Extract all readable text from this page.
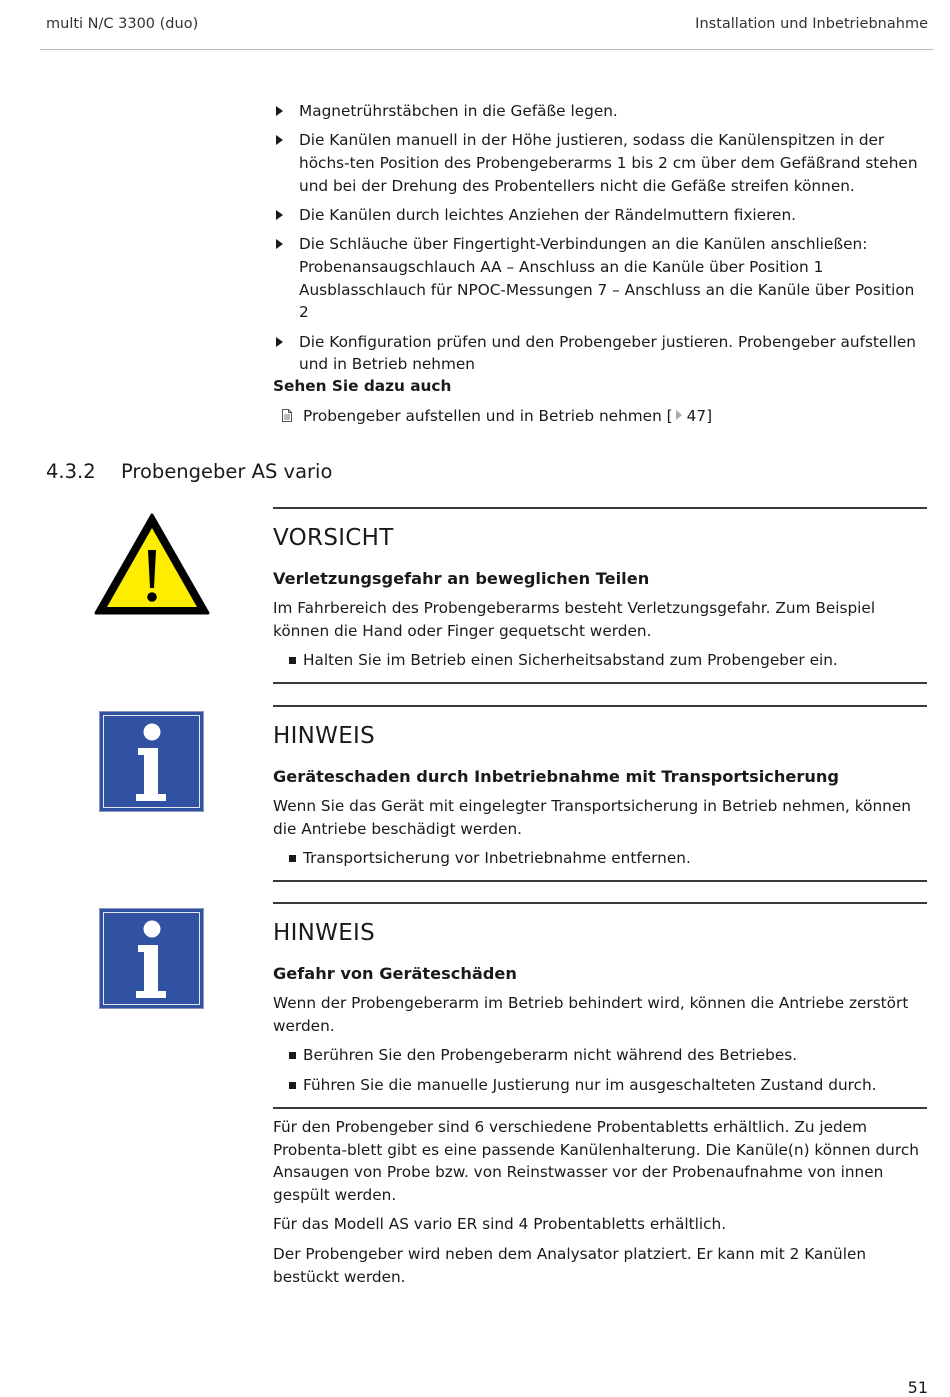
multi N/C 3300 (duo)	Installation und Inbetriebnahme
Magnetrührstäbchen in die Gefäße legen.
Die Kanülen manuell in der Höhe justieren, sodass die Kanülenspitzen in der höchs-ten Position des Probengeberarms 1 bis 2 cm über dem Gefäßrand stehen und bei der Drehung des Probentellers nicht die Gefäße streifen können.
Die Kanülen durch leichtes Anziehen der Rändelmuttern fixieren.
Die Schläuche über Fingertight-Verbindungen an die Kanülen anschließen: Probenansaugschlauch AA – Anschluss an die Kanüle über Position 1 Ausblasschlauch für NPOC-Messungen 7 – Anschluss an die Kanüle über Position 2
Die Konfiguration prüfen und den Probengeber justieren. Probengeber aufstellen und in Betrieb nehmen
Sehen Sie dazu auch
Probengeber aufstellen und in Betrieb nehmen [ 47]
4.3.2 Probengeber AS vario
VORSICHT
Verletzungsgefahr an beweglichen Teilen
Im Fahrbereich des Probengeberarms besteht Verletzungsgefahr. Zum Beispiel können die Hand oder Finger gequetscht werden.
Halten Sie im Betrieb einen Sicherheitsabstand zum Probengeber ein.
HINWEIS
Geräteschaden durch Inbetriebnahme mit Transportsicherung
Wenn Sie das Gerät mit eingelegter Transportsicherung in Betrieb nehmen, können die Antriebe beschädigt werden.
Transportsicherung vor Inbetriebnahme entfernen.
HINWEIS
Gefahr von Geräteschäden
Wenn der Probengeberarm im Betrieb behindert wird, können die Antriebe zerstört werden.
Berühren Sie den Probengeberarm nicht während des Betriebes.
Führen Sie die manuelle Justierung nur im ausgeschalteten Zustand durch.

Für den Probengeber sind 6 verschiedene Probentabletts erhältlich. Zu jedem Probenta-blett gibt es eine passende Kanülenhalterung. Die Kanüle(n) können durch Ansaugen von Probe bzw. von Reinstwasser vor der Probenaufnahme von innen gespült werden.

Für das Modell AS vario ER sind 4 Probentabletts erhältlich.

Der Probengeber wird neben dem Analysator platziert. Er kann mit 2 Kanülen bestückt werden.

51
